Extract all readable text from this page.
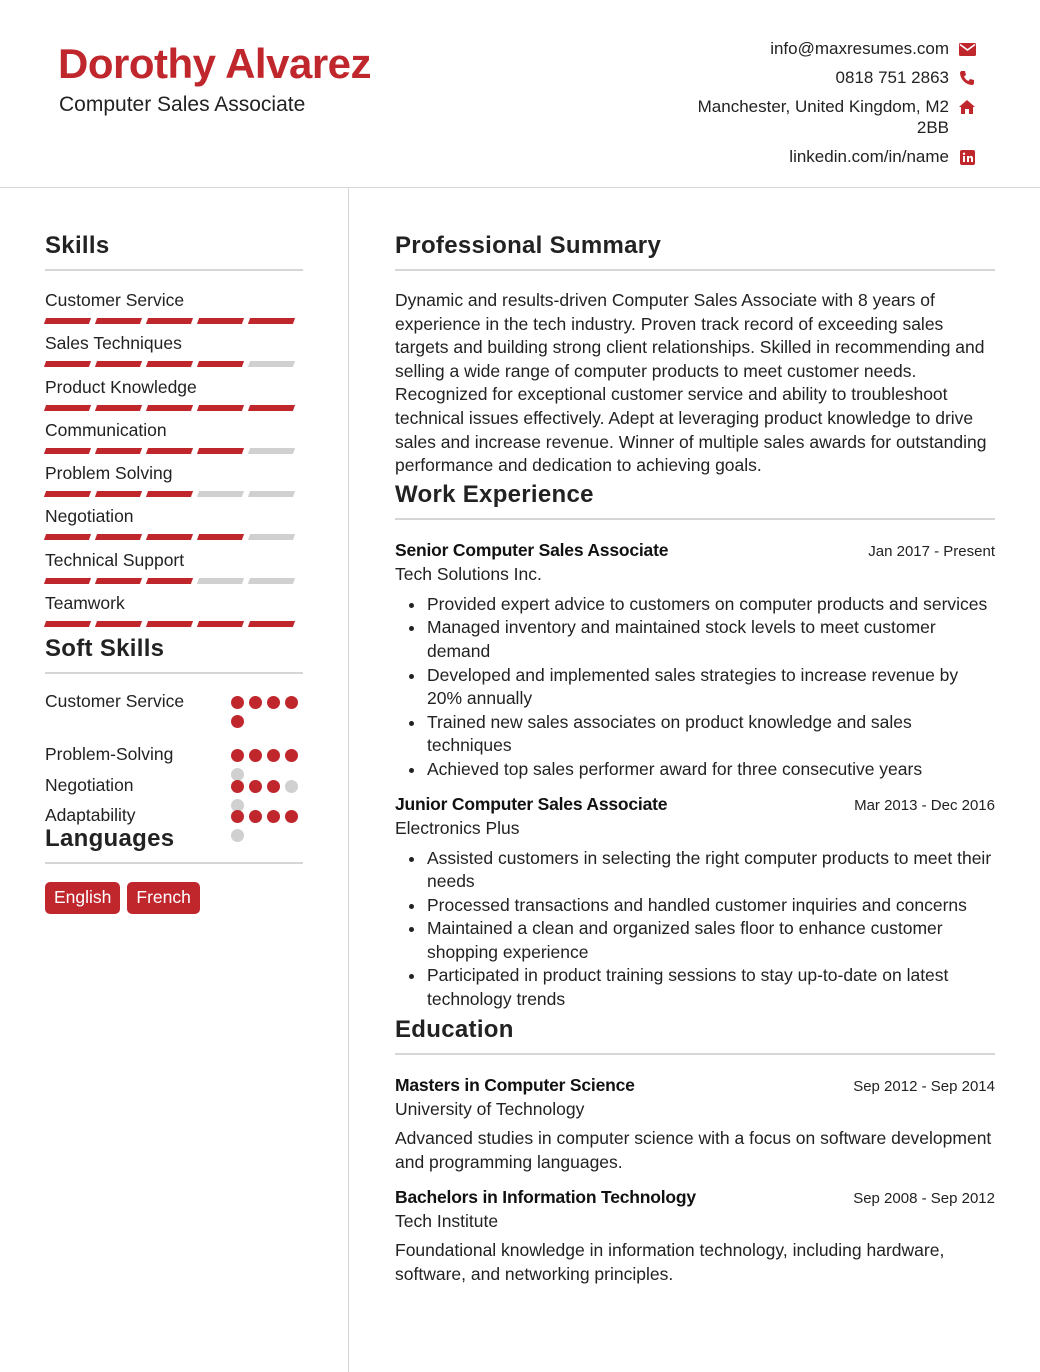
Dorothy Alvarez
Computer Sales Associate
info@maxresumes.com
0818 751 2863
Manchester, United Kingdom, M2 2BB
linkedin.com/in/name
Skills
Customer Service
Sales Techniques
Product Knowledge
Communication
Problem Solving
Negotiation
Technical Support
Teamwork
Soft Skills
Customer Service
Problem-Solving
Negotiation
Adaptability
Languages
English	French
Professional Summary
Dynamic and results-driven Computer Sales Associate with 8 years of experience in the tech industry. Proven track record of exceeding sales targets and building strong client relationships. Skilled in recommending and selling a wide range of computer products to meet customer needs. Recognized for exceptional customer service and ability to troubleshoot technical issues effectively. Adept at leveraging product knowledge to drive sales and increase revenue. Winner of multiple sales awards for outstanding performance and dedication to achieving goals.
Work Experience
Senior Computer Sales Associate	Jan 2017 - Present
Tech Solutions Inc.
Provided expert advice to customers on computer products and services
Managed inventory and maintained stock levels to meet customer demand
Developed and implemented sales strategies to increase revenue by 20% annually
Trained new sales associates on product knowledge and sales techniques
Achieved top sales performer award for three consecutive years
Junior Computer Sales Associate	Mar 2013 - Dec 2016
Electronics Plus
Assisted customers in selecting the right computer products to meet their needs
Processed transactions and handled customer inquiries and concerns
Maintained a clean and organized sales floor to enhance customer shopping experience
Participated in product training sessions to stay up-to-date on latest technology trends
Education
Masters in Computer Science	Sep 2012 - Sep 2014
University of Technology
Advanced studies in computer science with a focus on software development and programming languages.
Bachelors in Information Technology	Sep 2008 - Sep 2012
Tech Institute
Foundational knowledge in information technology, including hardware, software, and networking principles.
